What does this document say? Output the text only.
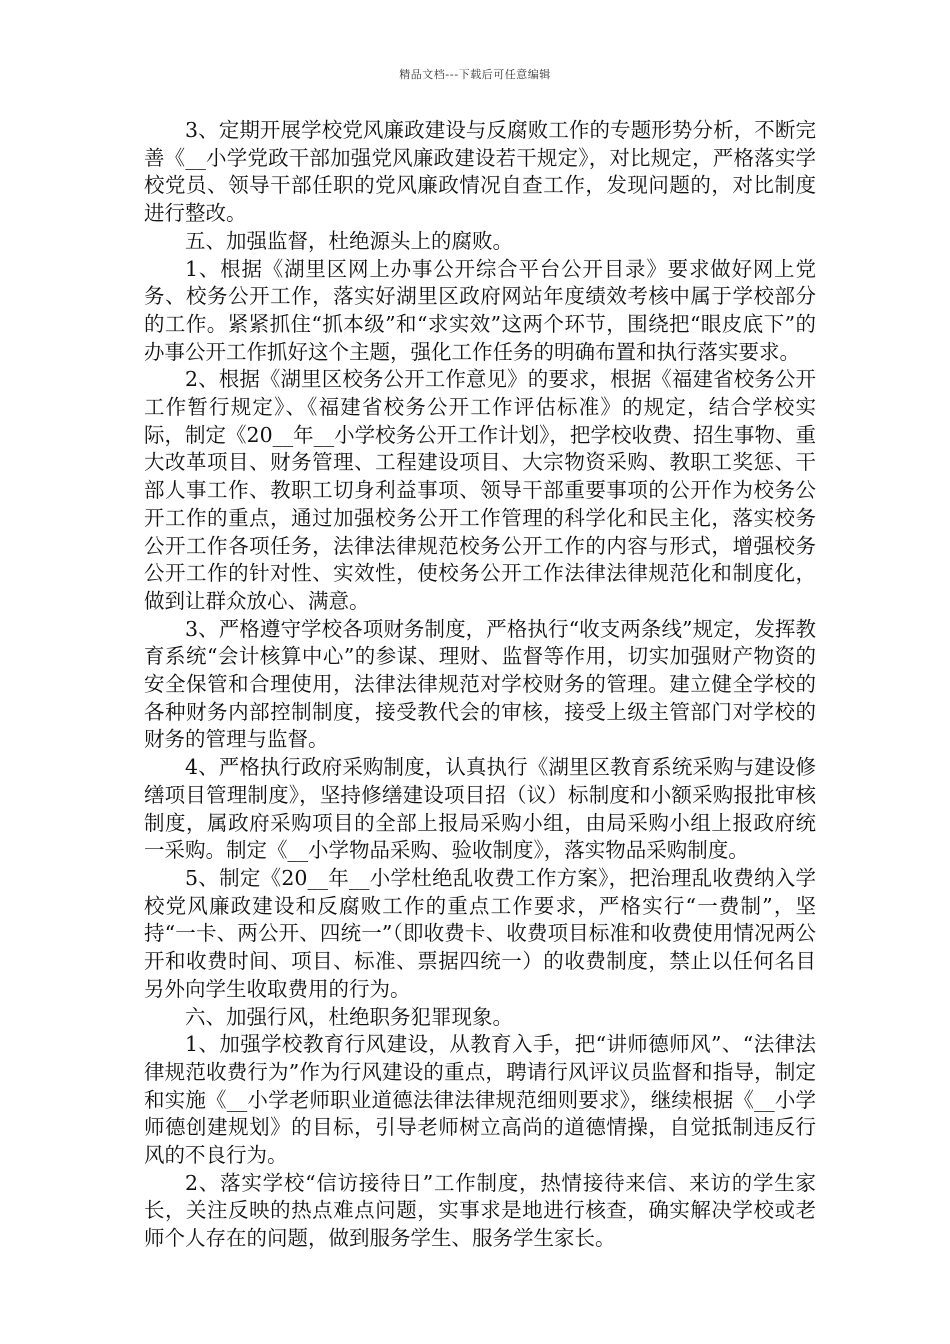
精品文档---下载后可任意编辑

3、定期开展学校党风廉政建设与反腐败工作的专题形势分析，不断完善《__小学党政干部加强党风廉政建设若干规定》，对比规定，严格落实学校党员、领导干部任职的党风廉政情况自查工作，发现问题的，对比制度进行整改。

五、加强监督，杜绝源头上的腐败。

1、根据《湖里区网上办事公开综合平台公开目录》要求做好网上党务、校务公开工作，落实好湖里区政府网站年度绩效考核中属于学校部分的工作。紧紧抓住“抓本级”和“求实效”这两个环节，围绕把“眼皮底下”的办事公开工作抓好这个主题，强化工作任务的明确布置和执行落实要求。

2、根据《湖里区校务公开工作意见》的要求，根据《福建省校务公开工作暂行规定》、《福建省校务公开工作评估标准》的规定，结合学校实际，制定《20__年__小学校务公开工作计划》，把学校收费、招生事物、重大改革项目、财务管理、工程建设项目、大宗物资采购、教职工奖惩、干部人事工作、教职工切身利益事项、领导干部重要事项的公开作为校务公开工作的重点，通过加强校务公开工作管理的科学化和民主化，落实校务公开工作各项任务，法律法律规范校务公开工作的内容与形式，增强校务公开工作的针对性、实效性，使校务公开工作法律法律规范化和制度化，做到让群众放心、满意。

3、严格遵守学校各项财务制度，严格执行“收支两条线”规定，发挥教育系统“会计核算中心”的参谋、理财、监督等作用，切实加强财产物资的安全保管和合理使用，法律法律规范对学校财务的管理。建立健全学校的各种财务内部控制制度，接受教代会的审核，接受上级主管部门对学校的财务的管理与监督。

4、严格执行政府采购制度，认真执行《湖里区教育系统采购与建设修缮项目管理制度》，坚持修缮建设项目招（议）标制度和小额采购报批审核制度，属政府采购项目的全部上报局采购小组，由局采购小组上报政府统一采购。制定《__小学物品采购、验收制度》，落实物品采购制度。

5、制定《20__年__小学杜绝乱收费工作方案》，把治理乱收费纳入学校党风廉政建设和反腐败工作的重点工作要求，严格实行“一费制”，坚持“一卡、两公开、四统一”（即收费卡、收费项目标准和收费使用情况两公开和收费时间、项目、标准、票据四统一）的收费制度，禁止以任何名目另外向学生收取费用的行为。

六、加强行风，杜绝职务犯罪现象。

1、加强学校教育行风建设，从教育入手，把“讲师德师风”、“法律法律规范收费行为”作为行风建设的重点，聘请行风评议员监督和指导，制定和实施《__小学老师职业道德法律法律规范细则要求》，继续根据《__小学师德创建规划》的目标，引导老师树立高尚的道德情操，自觉抵制违反行风的不良行为。

2、落实学校“信访接待日”工作制度，热情接待来信、来访的学生家长，关注反映的热点难点问题，实事求是地进行核查，确实解决学校或老师个人存在的问题，做到服务学生、服务学生家长。
